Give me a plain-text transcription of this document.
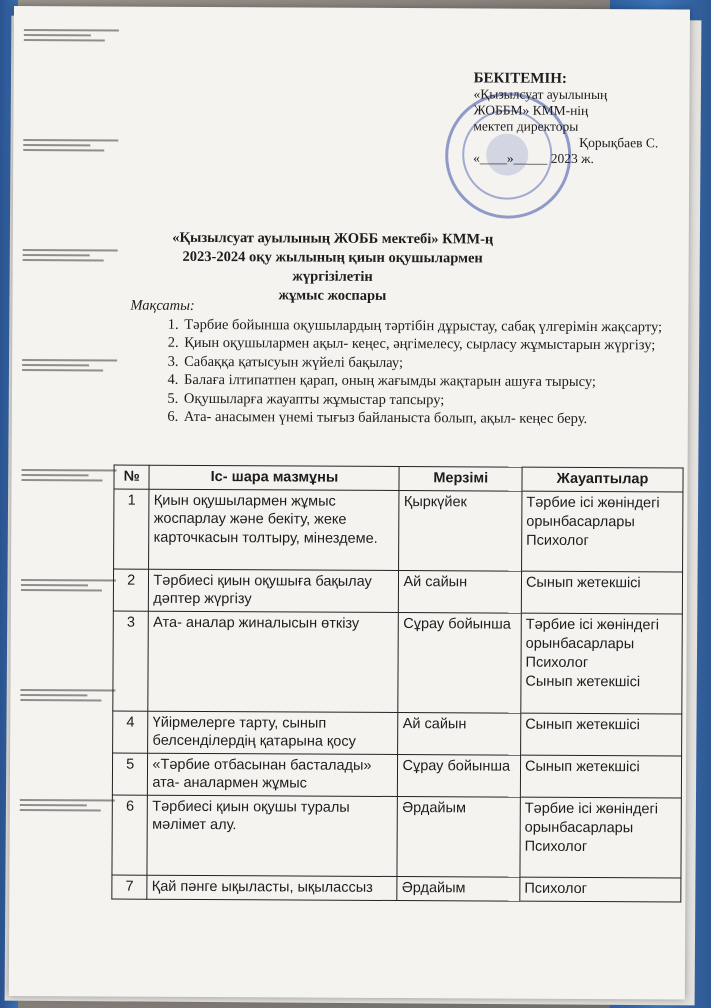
БЕКІТЕМІН:
«Қызылсуат ауылының
ЖОББМ» КММ-нің
мектеп директоры
Қорықбаев С.
«____»_____ 2023 ж.
«Қызылсуат ауылының ЖОББ мектебі» КММ-ң
2023-2024 оқу жылының қиын оқушылармен жүргізілетін
жұмыс жоспары
Мақсаты:
1. Тәрбие бойынша оқушылардың тәртібін дұрыстау, сабақ үлгерімін жақсарту;
2. Қиын оқушылармен ақыл- кеңес, әңгімелесу, сырласу жұмыстарын жүргізу;
3. Сабаққа қатысуын жүйелі бақылау;
4. Балаға ілтипатпен қарап, оның жағымды жақтарын ашуға тырысу;
5. Оқушыларға жауапты жұмыстар тапсыру;
6. Ата- анасымен үнемі тығыз байланыста болып, ақыл- кеңес беру.
№	Іс- шара мазмұны	Мерзімі	Жауаптылар
1	Қиын оқушылармен жұмыс жоспарлау және бекіту, жеке карточкасын толтыру, мінездеме.	Қыркүйек	Тәрбие ісі жөніндегі орынбасарлары
Психолог

2	Тәрбиесі қиын оқушыға бақылау дәптер жүргізу	Ай сайын	Сынып жетекшісі

3	Ата- аналар жиналысын өткізу	Сұрау бойынша	Тәрбие ісі жөніндегі орынбасарлары
Психолог
Сынып жетекшісі

4	Үйірмелерге тарту, сынып белсенділердің қатарына қосу	Ай сайын	Сынып жетекшісі

5	«Тәрбие отбасынан басталады» ата- аналармен жұмыс	Сұрау бойынша	Сынып жетекшісі

6	Тәрбиесі қиын оқушы туралы мәлімет алу.	Әрдайым	Тәрбие ісі жөніндегі орынбасарлары
Психолог

7	Қай пәнге ықыласты, ықылассыз	Әрдайым	Психолог
